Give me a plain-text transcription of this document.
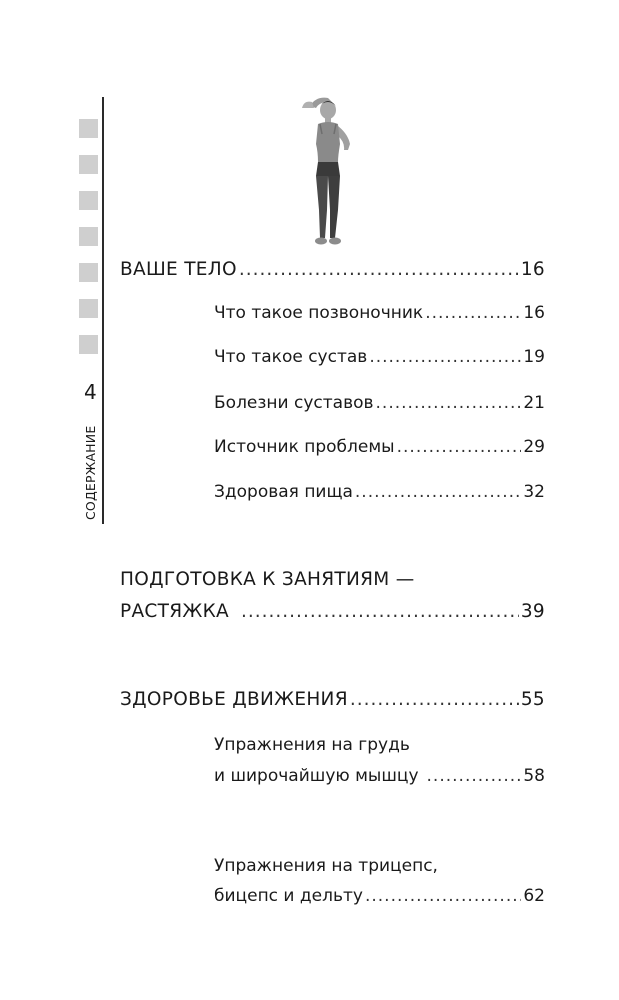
4
СОДЕРЖАНИЕ
ВАШЕ ТЕЛО .....	16
Что такое позвоночник .....	16
Что такое сустав .....	19
Болезни суставов .....	21
Источник проблемы .....	29
Здоровая пища .....	32
ПОДГОТОВКА К ЗАНЯТИЯМ —
РАСТЯЖКА .....	39
ЗДОРОВЬЕ ДВИЖЕНИЯ .....	55
Упражнения на грудь
и широчайшую мышцу .....	58
Упражнения на трицепс,
бицепс и дельту .....	62
